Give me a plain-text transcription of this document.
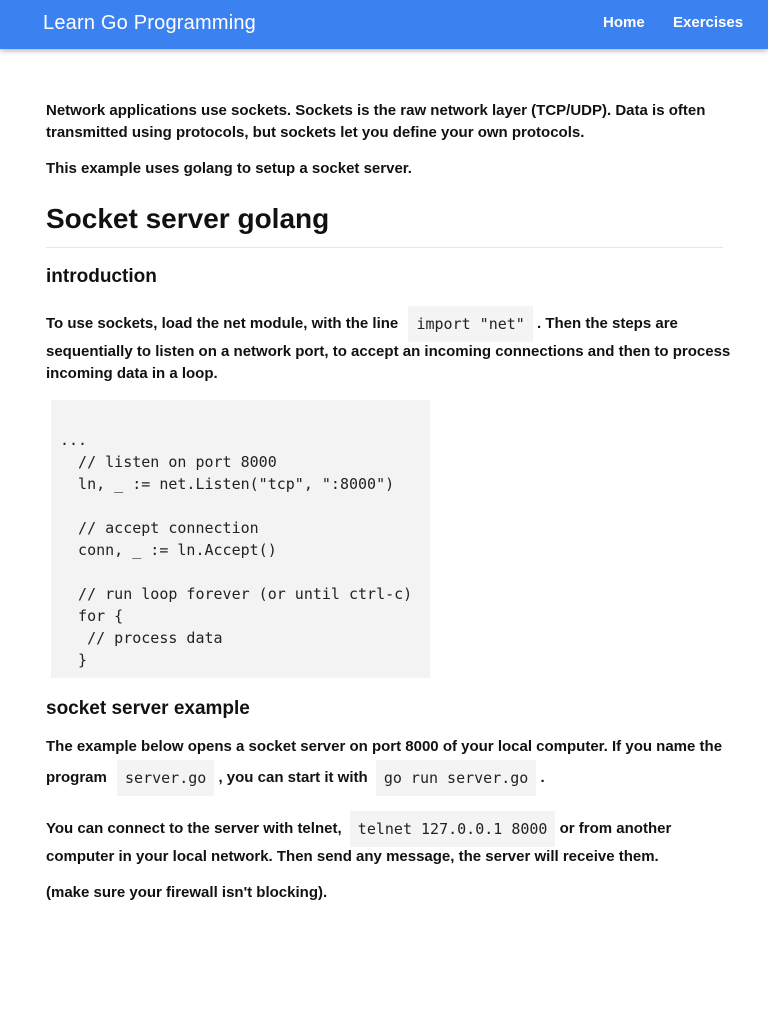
Learn Go Programming	Home Exercises
Network applications use sockets. Sockets is the raw network layer (TCP/UDP). Data is often
transmitted using protocols, but sockets let you define your own protocols.
This example uses golang to setup a socket server.
Socket server golang
introduction
To use sockets, load the net module, with the line import "net" . Then the steps are
sequentially to listen on a network port, to accept an incoming connections and then to process
incoming data in a loop.
...
// listen on port 8000
ln, _ := net.Listen("tcp", ":8000")

// accept connection
conn, _ := ln.Accept()

// run loop forever (or until ctrl-c)
for {
// process data
}
socket server example
The example below opens a socket server on port 8000 of your local computer. If you name the
program server.go , you can start it with go run server.go .
You can connect to the server with telnet, telnet 127.0.0.1 8000 or from another
computer in your local network. Then send any message, the server will receive them.
(make sure your firewall isn't blocking).
